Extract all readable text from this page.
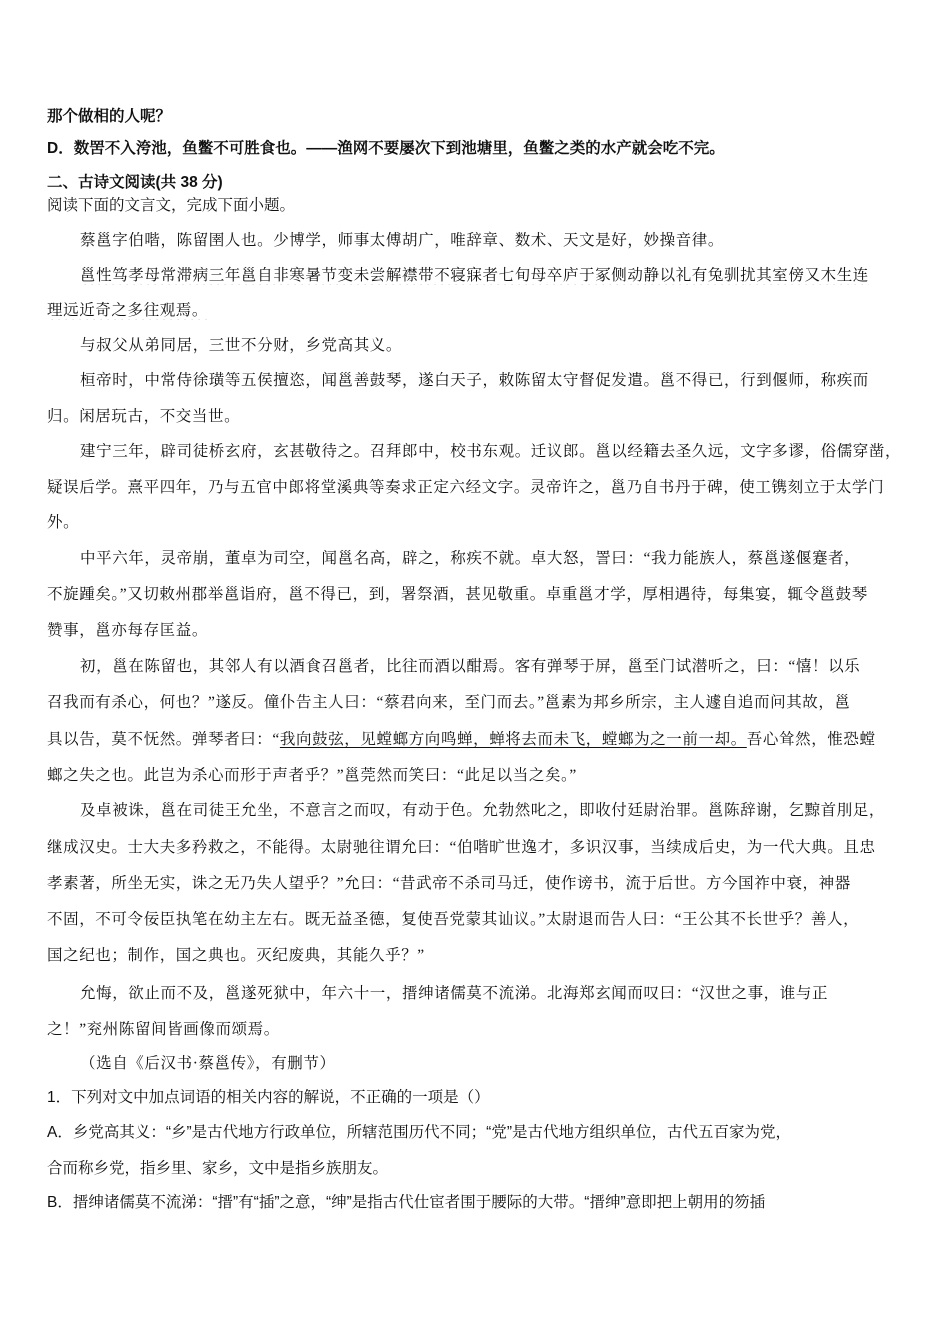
那个做相的人呢？
D．数罟不入洿池，鱼鳖不可胜食也。——渔网不要屡次下到池塘里，鱼鳖之类的水产就会吃不完。
二、古诗文阅读(共 38 分)
阅读下面的文言文，完成下面小题。
蔡邕字伯喈，陈留圉人也。少博学，师事太傅胡广，唯辞章、数术、天文是好，妙操音律。
邕性笃孝母常滞病三年邕自非寒暑节变未尝解襟带不寝寐者七旬母卒庐于冢侧动静以礼有兔驯扰其室傍又木生连
理远近奇之多往观焉。
与叔父从弟同居，三世不分财，乡党高其义。
桓帝时，中常侍徐璜等五侯擅恣，闻邕善鼓琴，遂白天子，敕陈留太守督促发遣。邕不得已，行到偃师，称疾而
归。闲居玩古，不交当世。
建宁三年，辟司徒桥玄府，玄甚敬待之。召拜郎中，校书东观。迁议郎。邕以经籍去圣久远，文字多谬，俗儒穿凿，
疑误后学。熹平四年，乃与五官中郎将堂溪典等奏求正定六经文字。灵帝许之，邕乃自书丹于碑，使工镌刻立于太学门
外。
中平六年，灵帝崩，董卓为司空，闻邕名高，辟之，称疾不就。卓大怒，詈曰：“我力能族人，蔡邕遂偃蹇者，
不旋踵矣。”又切敕州郡举邕诣府，邕不得已，到，署祭酒，甚见敬重。卓重邕才学，厚相遇待，每集宴，辄令邕鼓琴
赞事，邕亦每存匡益。
初，邕在陈留也，其邻人有以酒食召邕者，比往而酒以酣焉。客有弹琴于屏，邕至门试潜听之，曰：“憘！以乐
召我而有杀心，何也？”遂反。僮仆告主人曰：“蔡君向来，至门而去。”邕素为邦乡所宗，主人遽自追而问其故，邕
具以告，莫不怃然。弹琴者曰：“我向鼓弦，见螳螂方向鸣蝉，蝉将去而未飞，螳螂为之一前一却。吾心耸然，惟恐螳
螂之失之也。此岂为杀心而形于声者乎？”邕莞然而笑曰：“此足以当之矣。”
及卓被诛，邕在司徒王允坐，不意言之而叹，有动于色。允勃然叱之，即收付廷尉治罪。邕陈辞谢，乞黥首刖足，
继成汉史。士大夫多矜救之，不能得。太尉驰往谓允曰：“伯喈旷世逸才，多识汉事，当续成后史，为一代大典。且忠
孝素著，所坐无实，诛之无乃失人望乎？”允曰：“昔武帝不杀司马迁，使作谤书，流于后世。方今国祚中衰，神器
不固，不可令佞臣执笔在幼主左右。既无益圣德，复使吾党蒙其讪议。”太尉退而告人曰：“王公其不长世乎？善人，
国之纪也；制作，国之典也。灭纪废典，其能久乎？”
允悔，欲止而不及，邕遂死狱中，年六十一，搢绅诸儒莫不流涕。北海郑玄闻而叹曰：“汉世之事，谁与正
之！”兖州陈留间皆画像而颂焉。
（选自《后汉书·蔡邕传》，有删节）
1．下列对文中加点词语的相关内容的解说，不正确的一项是（）
A．乡党高其义：“乡”是古代地方行政单位，所辖范围历代不同；“党”是古代地方组织单位，古代五百家为党，
合而称乡党，指乡里、家乡，文中是指乡族朋友。
B．搢绅诸儒莫不流涕：“搢”有“插”之意，“绅”是指古代仕宦者围于腰际的大带。“搢绅”意即把上朝用的笏插
